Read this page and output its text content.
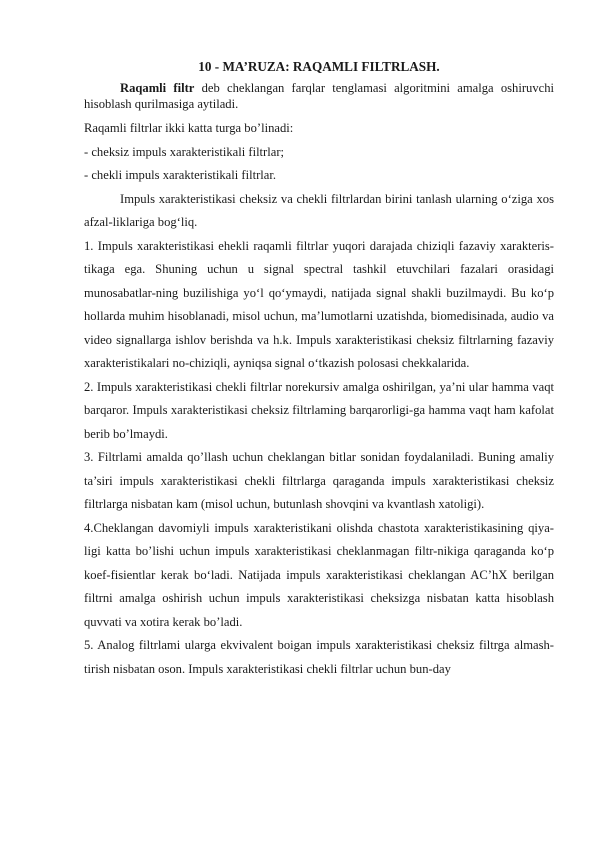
10 - MA’RUZA: RAQAMLI FILTRLASH.

Raqamli filtr deb cheklangan farqlar tenglamasi algoritmini amalga oshiruvchi hisoblash qurilmasiga aytiladi.

Raqamli filtrlar ikki katta turga bo’linadi:

- cheksiz impuls xarakteristikali filtrlar;

- chekli impuls xarakteristikali filtrlar.

Impuls xarakteristikasi cheksiz va chekli filtrlardan birini tanlash ularning o‘ziga xos afzal-liklariga bog‘liq.

1. Impuls xarakteristikasi ehekli raqamli filtrlar yuqori darajada chiziqli fazaviy xarakteris-tikaga ega. Shuning uchun u signal spectral tashkil etuvchilari fazalari orasidagi munosabatlar-ning buzilishiga yo‘l qo‘ymaydi, natijada signal shakli buzilmaydi. Bu ko‘p hollarda muhim hisoblanadi, misol uchun, ma’lumotlarni uzatishda, biomedisinada, audio va video signallarga ishlov berishda va h.k. Impuls xarakteristikasi cheksiz filtrlarning fazaviy xarakteristikalari no-chiziqli, ayniqsa signal o‘tkazish polosasi chekkalarida.

2. Impuls xarakteristikasi chekli filtrlar norekursiv amalga oshirilgan, ya’ni ular hamma vaqt barqaror. Impuls xarakteristikasi cheksiz filtrlaming barqarorligi-ga hamma vaqt ham kafolat berib bo’lmaydi.

3. Filtrlami amalda qo’llash uchun cheklangan bitlar sonidan foydalaniladi. Buning amaliy ta’siri impuls xarakteristikasi chekli filtrlarga qaraganda impuls xarakteristikasi cheksiz filtrlarga nisbatan kam (misol uchun, butunlash shovqini va kvantlash xatoligi).

4.Cheklangan davomiyli impuls xarakteristikani olishda chastota xarakteristikasining qiya-ligi katta bo’lishi uchun impuls xarakteristikasi cheklanmagan filtr-nikiga qaraganda ko‘p koef-fisientlar kerak bo‘ladi. Natijada impuls xarakteristikasi cheklangan ACʼhX berilgan filtrni amalga oshirish uchun impuls xarakteristikasi cheksizga nisbatan katta hisoblash quvvati va xotira kerak bo’ladi.

5. Analog filtrlami ularga ekvivalent boigan impuls xarakteristikasi cheksiz filtrga almash-tirish nisbatan oson. Impuls xarakteristikasi chekli filtrlar uchun bun-day
